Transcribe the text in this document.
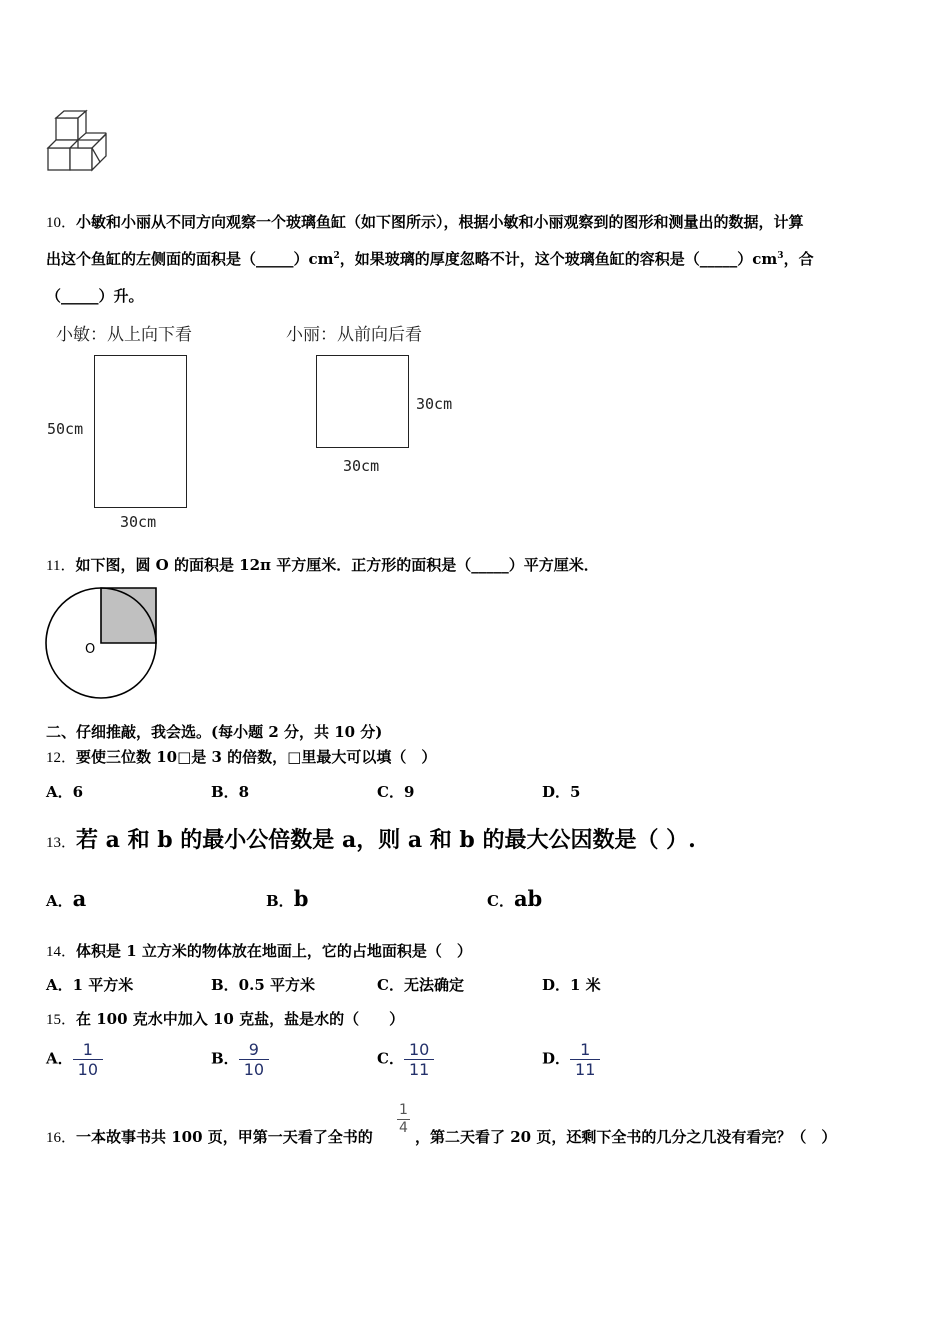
10．小敏和小丽从不同方向观察一个玻璃鱼缸（如下图所示），根据小敏和小丽观察到的图形和测量出的数据，计算
出这个鱼缸的左侧面的面积是$(\_\_\_\_\_)cm^2$，如果玻璃的厚度忽略不计，这个玻璃鱼缸的容积是$(\_\_\_\_\_)cm^3$，合
（_____）升。
小敏：从上向下看	小丽：从前向后看
50cm
30cm
30cm
30cm
11．如下图，圆 O 的面积是 12π 平方厘米．正方形的面积是（_____）平方厘米．
O
二、仔细推敲，我会选。(每小题 2 分，共 10 分)
12．要使三位数 10□是 3 的倍数，□里最大可以填（　）
A．6	B．8	C．9	D．5
13．若 a 和 b 的最小公倍数是 a，则 a 和 b 的最大公因数是（ ）.
A．a	B．b	C．ab
14．体积是 1 立方米的物体放在地面上，它的占地面积是（　）
A．1 平方米	B．0.5 平方米	C．无法确定	D．1 米
15．在 100 克水中加入 10 克盐，盐是水的（　　）
A． $\frac{1}{10}$	B． $\frac{9}{10}$	C． $\frac{10}{11}$	D． $\frac{1}{11}$
16．一本故事书共 100 页，甲第一天看了全书的 $\frac{1}{4}$ ，第二天看了 20 页，还剩下全书的几分之几没有看完？（　）
